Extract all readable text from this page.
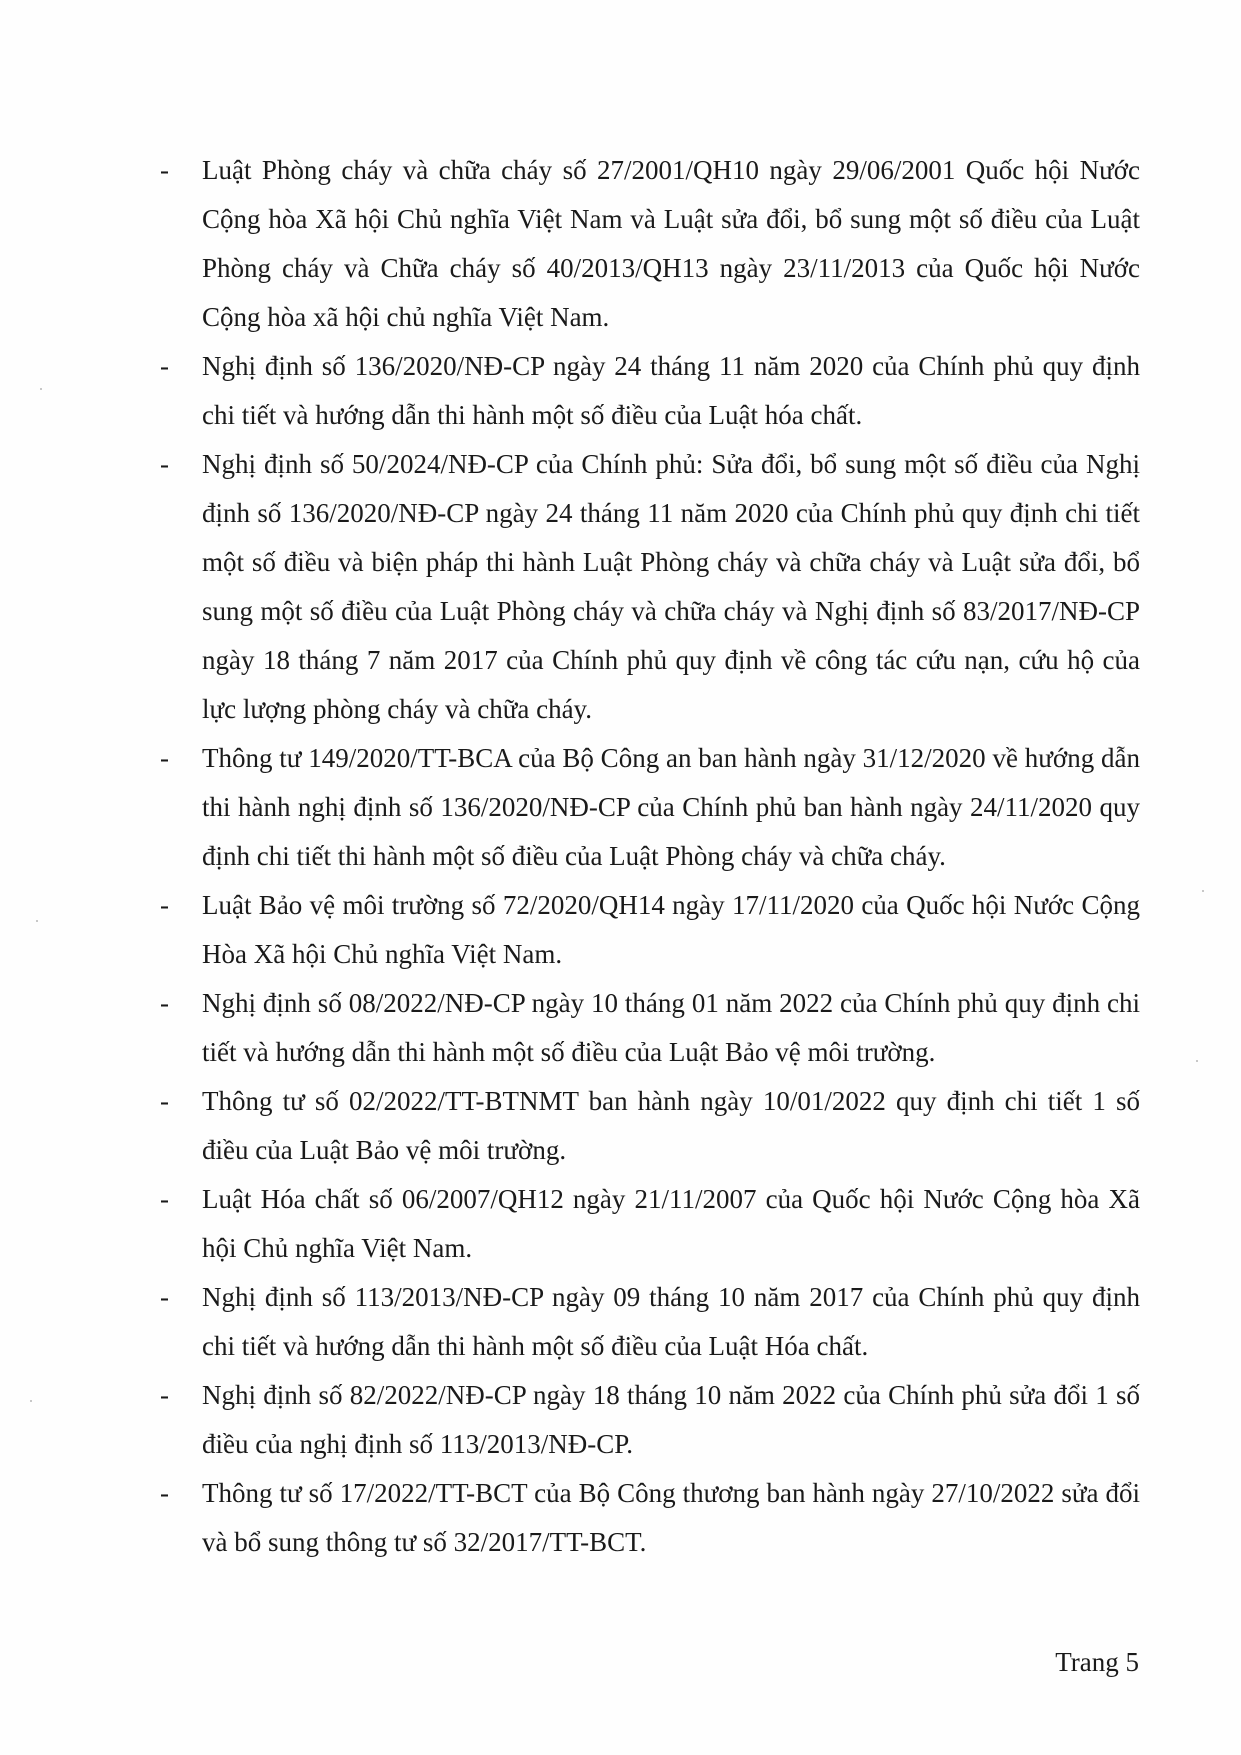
- Luật Phòng cháy và chữa cháy số 27/2001/QH10 ngày 29/06/2001 Quốc hội Nước Cộng hòa Xã hội Chủ nghĩa Việt Nam và Luật sửa đổi, bổ sung một số điều của Luật Phòng cháy và Chữa cháy số 40/2013/QH13 ngày 23/11/2013 của Quốc hội Nước Cộng hòa xã hội chủ nghĩa Việt Nam.
- Nghị định số 136/2020/NĐ-CP ngày 24 tháng 11 năm 2020 của Chính phủ quy định chi tiết và hướng dẫn thi hành một số điều của Luật hóa chất.
- Nghị định số 50/2024/NĐ-CP của Chính phủ: Sửa đổi, bổ sung một số điều của Nghị định số 136/2020/NĐ-CP ngày 24 tháng 11 năm 2020 của Chính phủ quy định chi tiết một số điều và biện pháp thi hành Luật Phòng cháy và chữa cháy và Luật sửa đổi, bổ sung một số điều của Luật Phòng cháy và chữa cháy và Nghị định số 83/2017/NĐ-CP ngày 18 tháng 7 năm 2017 của Chính phủ quy định về công tác cứu nạn, cứu hộ của lực lượng phòng cháy và chữa cháy.
- Thông tư 149/2020/TT-BCA của Bộ Công an ban hành ngày 31/12/2020 về hướng dẫn thi hành nghị định số 136/2020/NĐ-CP của Chính phủ ban hành ngày 24/11/2020 quy định chi tiết thi hành một số điều của Luật Phòng cháy và chữa cháy.
- Luật Bảo vệ môi trường số 72/2020/QH14 ngày 17/11/2020 của Quốc hội Nước Cộng Hòa Xã hội Chủ nghĩa Việt Nam.
- Nghị định số 08/2022/NĐ-CP ngày 10 tháng 01 năm 2022 của Chính phủ quy định chi tiết và hướng dẫn thi hành một số điều của Luật Bảo vệ môi trường.
- Thông tư số 02/2022/TT-BTNMT ban hành ngày 10/01/2022 quy định chi tiết 1 số điều của Luật Bảo vệ môi trường.
- Luật Hóa chất số 06/2007/QH12 ngày 21/11/2007 của Quốc hội Nước Cộng hòa Xã hội Chủ nghĩa Việt Nam.
- Nghị định số 113/2013/NĐ-CP ngày 09 tháng 10 năm 2017 của Chính phủ quy định chi tiết và hướng dẫn thi hành một số điều của Luật Hóa chất.
- Nghị định số 82/2022/NĐ-CP ngày 18 tháng 10 năm 2022 của Chính phủ sửa đổi 1 số điều của nghị định số 113/2013/NĐ-CP.
- Thông tư số 17/2022/TT-BCT của Bộ Công thương ban hành ngày 27/10/2022 sửa đổi và bổ sung thông tư số 32/2017/TT-BCT.
Trang 5
